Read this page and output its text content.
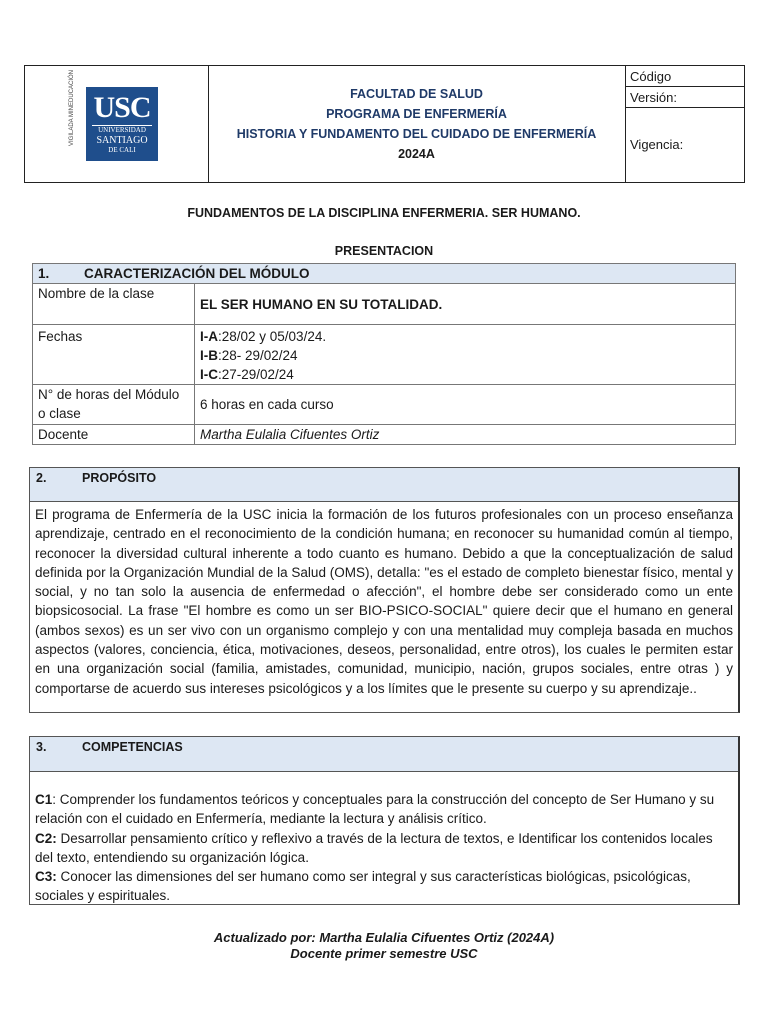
VIGILADA MINEDUCACIÓN USC
UNIVERSIDAD
SANTIAGO
DE CALI
FACULTAD DE SALUD
PROGRAMA DE ENFERMERÍA
HISTORIA Y FUNDAMENTO DEL CUIDADO DE ENFERMERÍA
2024A
Código
Versión:
Vigencia:
FUNDAMENTOS DE LA DISCIPLINA ENFERMERIA. SER HUMANO.
PRESENTACION
1. CARACTERIZACIÓN DEL MÓDULO	
Nombre de la clase	EL SER HUMANO EN SU TOTALIDAD.
Fechas	I-A:28/02 y 05/03/24.
I-B:28- 29/02/24
I-C:27-29/02/24

N° de horas del Módulo o clase	6 horas en cada curso
Docente	Martha Eulalia Cifuentes Ortiz
2.	PROPÓSITO
El programa de Enfermería de la USC inicia la formación de los futuros profesionales con un proceso enseñanza aprendizaje, centrado en el reconocimiento de la condición humana; en reconocer su humanidad común al tiempo, reconocer la diversidad cultural inherente a todo cuanto es humano. Debido a que la conceptualización de salud definida por la Organización Mundial de la Salud (OMS), detalla: "es el estado de completo bienestar físico, mental y social, y no tan solo la ausencia de enfermedad o afección", el hombre debe ser considerado como un ente biopsicosocial. La frase "El hombre es como un ser BIO-PSICO-SOCIAL" quiere decir que el humano en general (ambos sexos) es un ser vivo con un organismo complejo y con una mentalidad muy compleja basada en muchos aspectos (valores, conciencia, ética, motivaciones, deseos, personalidad, entre otros), los cuales le permiten estar en una organización social (familia, amistades, comunidad, municipio, nación, grupos sociales, entre otras ) y comportarse de acuerdo sus intereses psicológicos y a los límites que le presente su cuerpo y su aprendizaje..
3.	COMPETENCIAS
C1: Comprender los fundamentos teóricos y conceptuales para la construcción del concepto de Ser Humano y su relación con el cuidado en Enfermería, mediante la lectura y análisis crítico.
C2: Desarrollar pensamiento crítico y reflexivo a través de la lectura de textos, e Identificar los contenidos locales del texto, entendiendo su organización lógica.
C3: Conocer las dimensiones del ser humano como ser integral y sus características biológicas, psicológicas, sociales y espirituales.
Actualizado por: Martha Eulalia Cifuentes Ortiz (2024A)
Docente primer semestre USC
